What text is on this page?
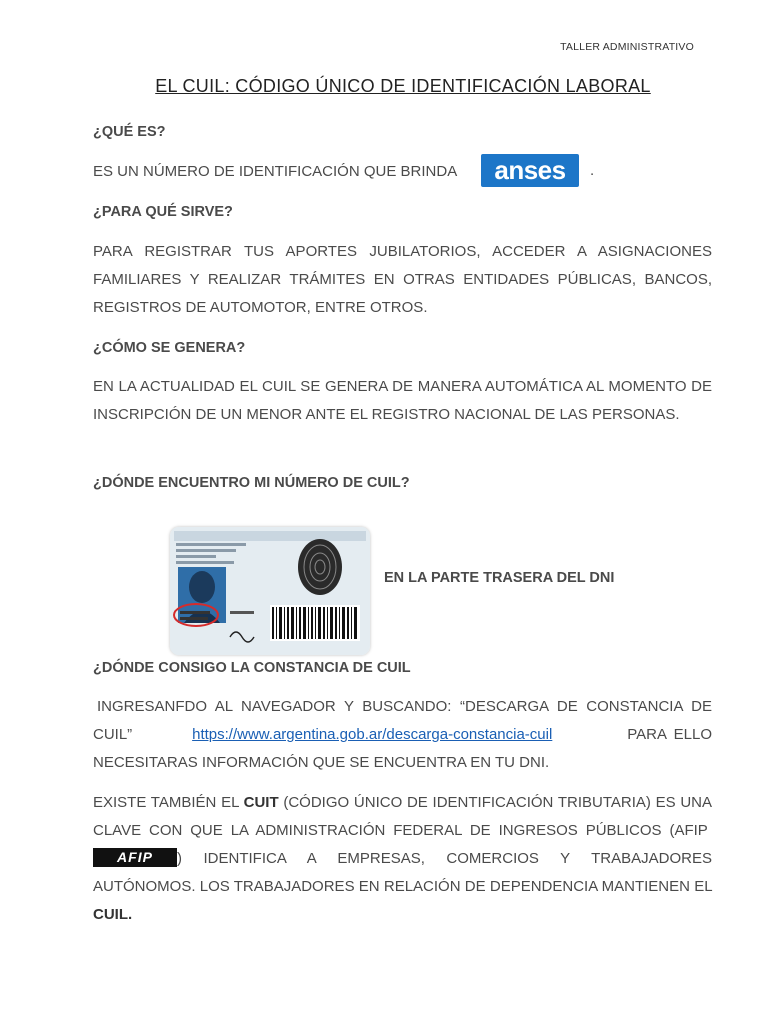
TALLER ADMINISTRATIVO
EL CUIL: CÓDIGO ÚNICO DE IDENTIFICACIÓN LABORAL
¿QUÉ ES?
ES UN NÚMERO DE IDENTIFICACIÓN QUE BRINDA	anses	.
¿PARA QUÉ SIRVE?
PARA REGISTRAR TUS APORTES JUBILATORIOS, ACCEDER A ASIGNACIONES FAMILIARES Y REALIZAR TRÁMITES EN OTRAS ENTIDADES PÚBLICAS, BANCOS, REGISTROS DE AUTOMOTOR, ENTRE OTROS.
¿CÓMO SE GENERA?
EN LA ACTUALIDAD EL CUIL SE GENERA DE MANERA AUTOMÁTICA AL MOMENTO DE INSCRIPCIÓN DE UN MENOR ANTE EL REGISTRO NACIONAL DE LAS PERSONAS.
¿DÓNDE ENCUENTRO MI NÚMERO DE CUIL?
EN LA PARTE TRASERA DEL DNI
¿DÓNDE CONSIGO LA CONSTANCIA DE CUIL
INGRESANFDO AL NAVEGADOR Y BUSCANDO: “DESCARGA DE CONSTANCIA DE CUIL”	https://www.argentina.gob.ar/descarga-constancia-cuil	PARA ELLO NECESITARAS INFORMACIÓN QUE SE ENCUENTRA EN TU DNI.
EXISTE TAMBIÉN EL CUIT (CÓDIGO ÚNICO DE IDENTIFICACIÓN TRIBUTARIA) ES UNA CLAVE CON QUE LA ADMINISTRACIÓN FEDERAL DE INGRESOS PÚBLICOS (AFIP AFIP ) IDENTIFICA A EMPRESAS, COMERCIOS Y TRABAJADORES AUTÓNOMOS. LOS TRABAJADORES EN RELACIÓN DE DEPENDENCIA MANTIENEN EL CUIL.
